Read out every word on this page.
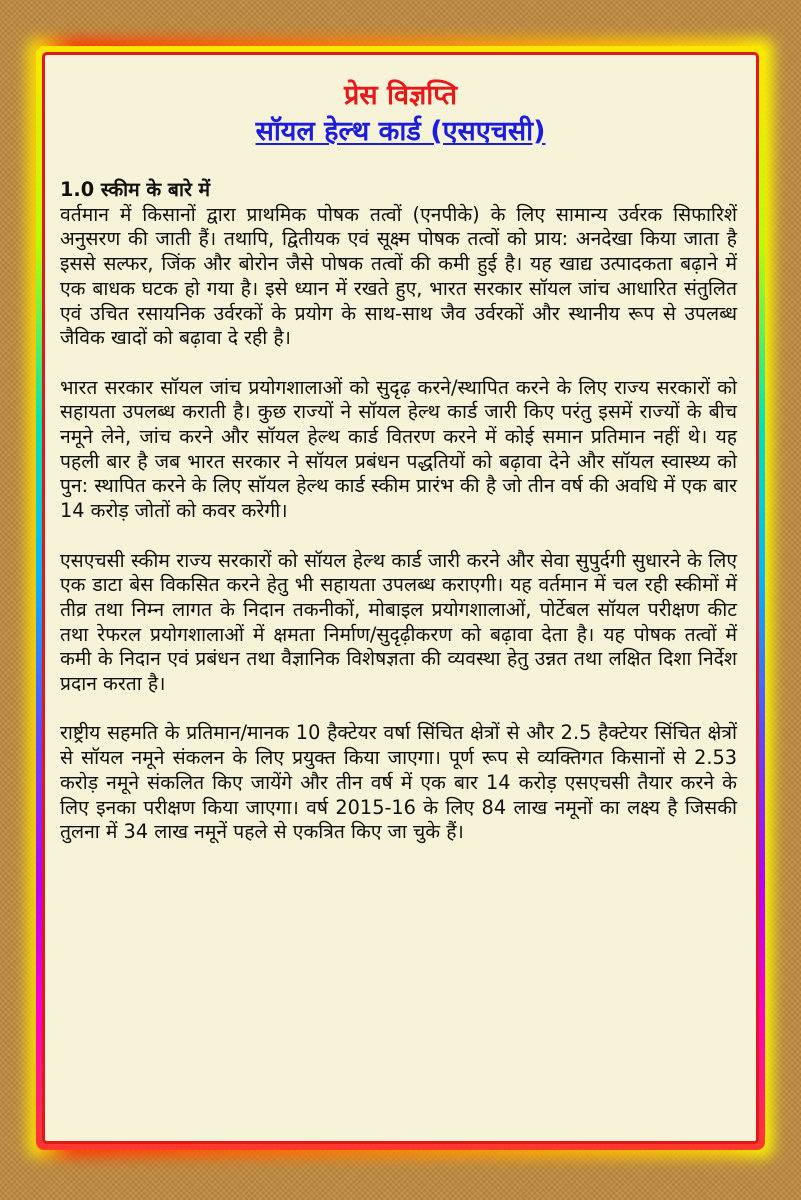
प्रेस विज्ञप्ति
सॉयल हेल्थ कार्ड (एसएचसी)
1.0 स्कीम के बारे में

वर्तमान में किसानों द्वारा प्राथमिक पोषक तत्वों (एनपीके) के लिए सामान्य उर्वरक सिफारिशें अनुसरण की जाती हैं। तथापि, द्वितीयक एवं सूक्ष्म पोषक तत्वों को प्राय: अनदेखा किया जाता है इससे सल्फर, जिंक और बोरोन जैसे पोषक तत्वों की कमी हुई है। यह खाद्य उत्पादकता बढ़ाने में एक बाधक घटक हो गया है। इसे ध्यान में रखते हुए, भारत सरकार सॉयल जांच आधारित संतुलित एवं उचित रसायनिक उर्वरकों के प्रयोग के साथ-साथ जैव उर्वरकों और स्थानीय रूप से उपलब्ध जैविक खादों को बढ़ावा दे रही है।

भारत सरकार सॉयल जांच प्रयोगशालाओं को सुदृढ़ करने/स्थापित करने के लिए राज्य सरकारों को सहायता उपलब्ध कराती है। कुछ राज्यों ने सॉयल हेल्थ कार्ड जारी किए परंतु इसमें राज्यों के बीच नमूने लेने, जांच करने और सॉयल हेल्थ कार्ड वितरण करने में कोई समान प्रतिमान नहीं थे। यह पहली बार है जब भारत सरकार ने सॉयल प्रबंधन पद्धतियों को बढ़ावा देने और सॉयल स्वास्थ्य को पुन: स्थापित करने के लिए सॉयल हेल्थ कार्ड स्कीम प्रारंभ की है जो तीन वर्ष की अवधि में एक बार 14 करोड़ जोतों को कवर करेगी।

एसएचसी स्कीम राज्य सरकारों को सॉयल हेल्थ कार्ड जारी करने और सेवा सुपुर्दगी सुधारने के लिए एक डाटा बेस विकसित करने हेतु भी सहायता उपलब्ध कराएगी। यह वर्तमान में चल रही स्कीमों में तीव्र तथा निम्न लागत के निदान तकनीकों, मोबाइल प्रयोगशालाओं, पोर्टेबल सॉयल परीक्षण कीट तथा रेफरल प्रयोगशालाओं में क्षमता निर्माण/सुदृढ़ीकरण को बढ़ावा देता है। यह पोषक तत्वों में कमी के निदान एवं प्रबंधन तथा वैज्ञानिक विशेषज्ञता की व्यवस्था हेतु उन्नत तथा लक्षित दिशा निर्देश प्रदान करता है।

राष्ट्रीय सहमति के प्रतिमान/मानक 10 हैक्टेयर वर्षा सिंचित क्षेत्रों से और 2.5 हैक्टेयर सिंचित क्षेत्रों से सॉयल नमूने संकलन के लिए प्रयुक्त किया जाएगा। पूर्ण रूप से व्यक्तिगत किसानों से 2.53 करोड़ नमूने संकलित किए जायेंगे और तीन वर्ष में एक बार 14 करोड़ एसएचसी तैयार करने के लिए इनका परीक्षण किया जाएगा। वर्ष 2015-16 के लिए 84 लाख नमूनों का लक्ष्य है जिसकी तुलना में 34 लाख नमूनें पहले से एकत्रित किए जा चुके हैं।
